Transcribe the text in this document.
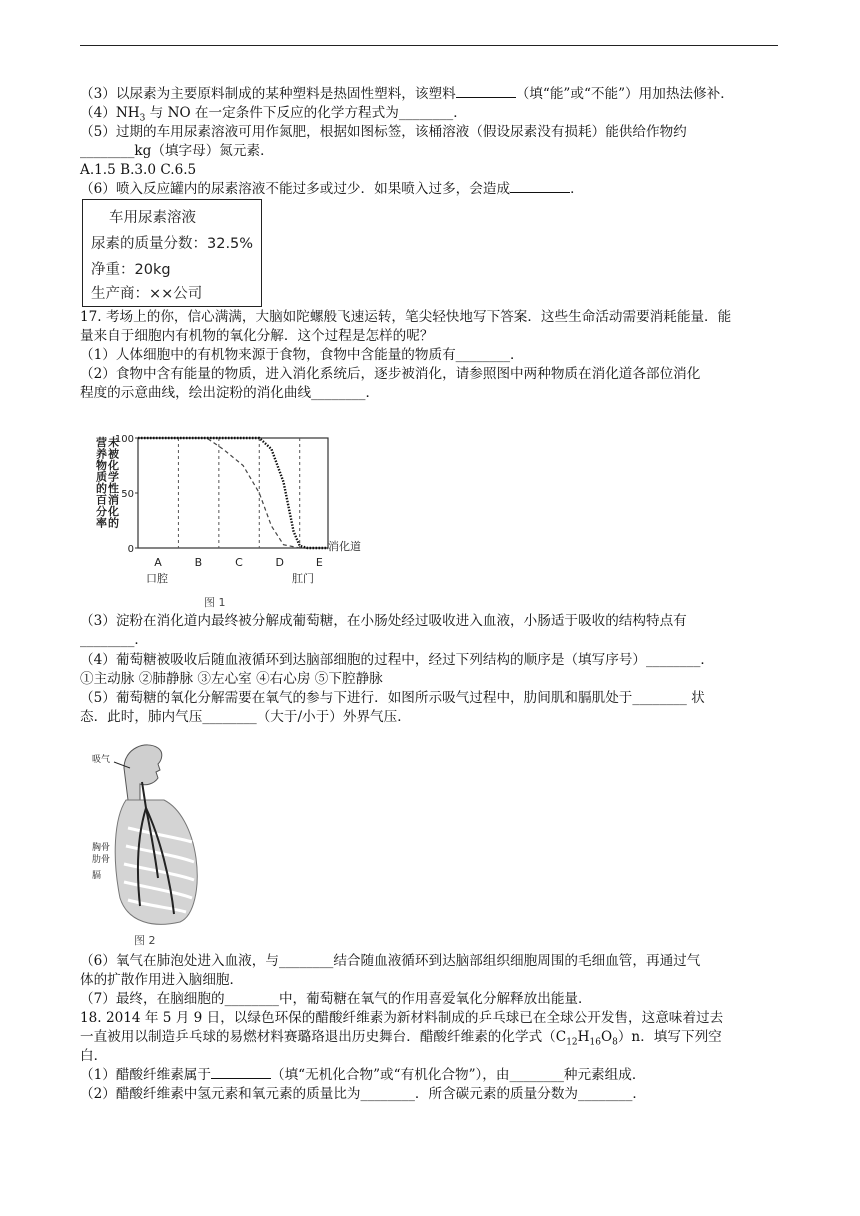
（3）以尿素为主要原料制成的某种塑料是热固性塑料，该塑料	（填“能”或“不能”）用加热法修补．
$(4)NH_3$ 与 NO 在一定条件下反应的化学方程式为________．
（5）过期的车用尿素溶液可用作氮肥，根据如图标签，该桶溶液（假设尿素没有损耗）能供给作物约
________kg（填字母）氮元素．
A.1.5 B.3.0 C.6.5
（6）喷入反应罐内的尿素溶液不能过多或过少．如果喷入过多，会造成	．
车用尿素溶液
尿素的质量分数：32.5%
净重：20kg
生产商：××公司
17. 考场上的你，信心满满，大脑如陀螺般飞速运转，笔尖轻快地写下答案．这些生命活动需要消耗能量．能
量来自于细胞内有机物的氧化分解．这个过程是怎样的呢？
（1）人体细胞中的有机物来源于食物，食物中含能量的物质有________．
（2）食物中含有能量的物质，进入消化系统后，逐步被消化，请参照图中两种物质在消化道各部位消化
程度的示意曲线，绘出淀粉的消化曲线________．
未
被
化
学
性
消
化
的
营
养
物
质
的
百
分
率
100
50
0
A	B	C	D	E
消化道
口腔	肛门
图 1
（3）淀粉在消化道内最终被分解成葡萄糖，在小肠处经过吸收进入血液，小肠适于吸收的结构特点有
________．
（4）葡萄糖被吸收后随血液循环到达脑部细胞的过程中，经过下列结构的顺序是（填写序号）________．
①主动脉 ②肺静脉 ③左心室 ④右心房 ⑤下腔静脉
（5）葡萄糖的氧化分解需要在氧气的参与下进行．如图所示吸气过程中，肋间肌和膈肌处于________ 状
态．此时，肺内气压________（大于/小于）外界气压．
吸气
胸骨
肋骨
膈
图 2
（6）氧气在肺泡处进入血液，与________结合随血液循环到达脑部组织细胞周围的毛细血管，再通过气
体的扩散作用进入脑细胞．
（7）最终，在脑细胞的________中，葡萄糖在氧气的作用喜爱氧化分解释放出能量．
18. 2014 年 5 月 9 日，以绿色环保的醋酸纤维素为新材料制成的乒乓球已在全球公开发售，这意味着过去
一直被用以制造乒乓球的易燃材料赛璐珞退出历史舞台．醋酸纤维素的化学式$(C_{12}H_{16}O_8)n$．填写下列空
白．
（1）醋酸纤维素属于	（填“无机化合物”或“有机化合物”），由________种元素组成．
（2）醋酸纤维素中氢元素和氧元素的质量比为________．所含碳元素的质量分数为________．
